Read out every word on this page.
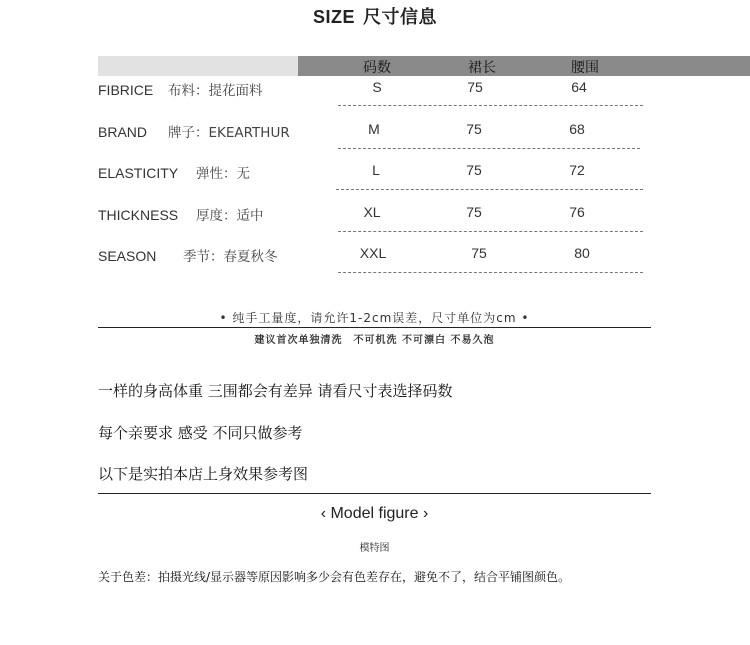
SIZE 尺寸信息
码数	裙长	腰围
FIBRICE 布料：提花面料
BRAND 牌子：EKEARTHUR
ELASTICITY 弹性：无
THICKNESS 厚度：适中
SEASON 季节：春夏秋冬
S	75	64
M	75	68
L	75	72
XL	75	76
XXL	75	80
• 纯手工量度，请允许1-2cm误差，尺寸单位为cm •
建议首次单独清洗　不可机洗 不可漂白 不易久泡
一样的身高体重 三围都会有差异 请看尺寸表选择码数
每个亲要求 感受 不同只做参考
以下是实拍本店上身效果参考图
‹ Model figure ›
模特图
关于色差：拍摄光线/显示器等原因影响多少会有色差存在，避免不了，结合平铺图颜色。
